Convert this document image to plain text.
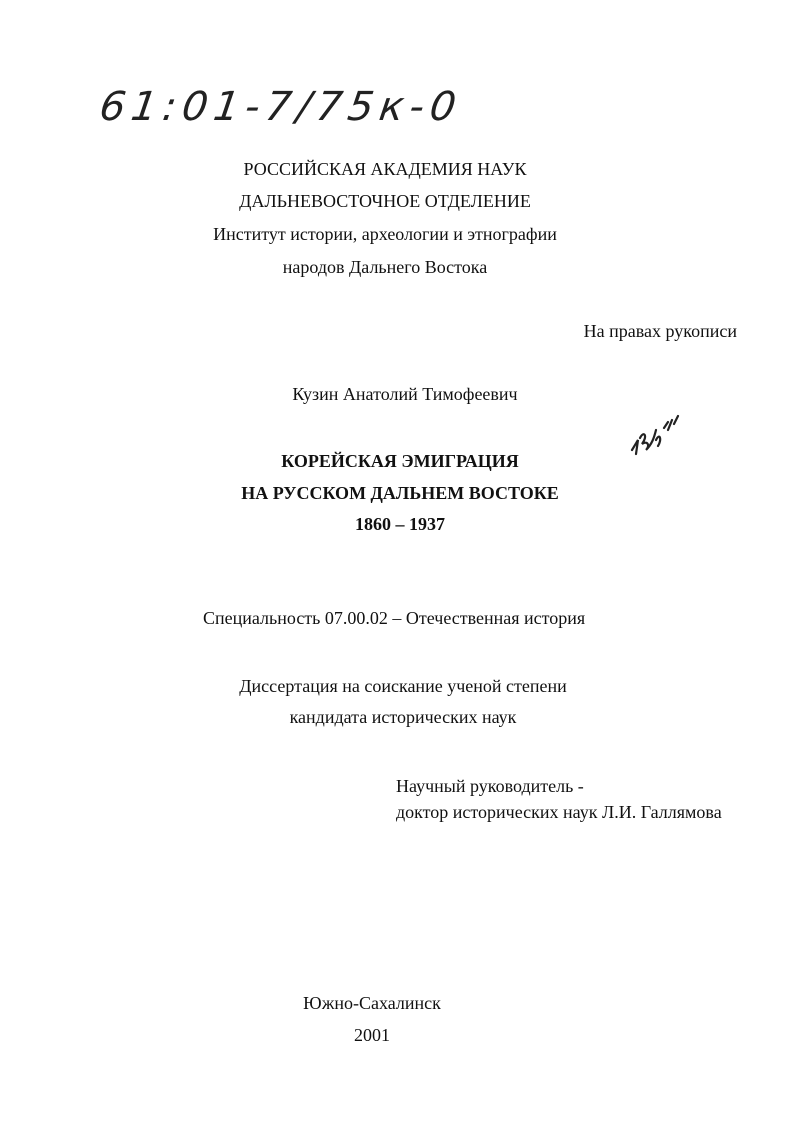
61:01-7/75к-0
РОССИЙСКАЯ АКАДЕМИЯ НАУК
ДАЛЬНЕВОСТОЧНОЕ ОТДЕЛЕНИЕ
Институт истории, археологии и этнографии
народов Дальнего Востока
На правах рукописи
Кузин Анатолий Тимофеевич
КОРЕЙСКАЯ ЭМИГРАЦИЯ
НА РУССКОМ ДАЛЬНЕМ ВОСТОКЕ
1860 – 1937
Специальность 07.00.02 – Отечественная история
Диссертация на соискание ученой степени
кандидата исторических наук
Научный руководитель -
доктор исторических наук Л.И. Галлямова
Южно-Сахалинск
2001
